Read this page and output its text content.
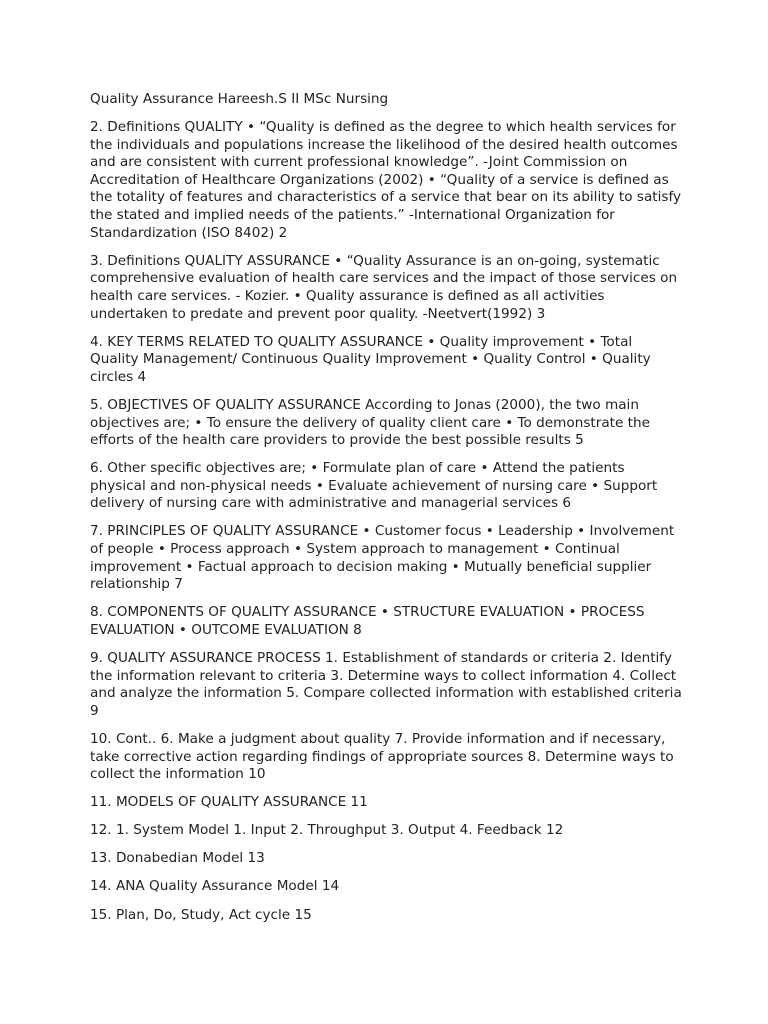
Quality Assurance Hareesh.S II MSc Nursing

2. Definitions QUALITY • “Quality is defined as the degree to which health services for the individuals and populations increase the likelihood of the desired health outcomes and are consistent with current professional knowledge”. -Joint Commission on Accreditation of Healthcare Organizations (2002) • “Quality of a service is defined as the totality of features and characteristics of a service that bear on its ability to satisfy the stated and implied needs of the patients.” -International Organization for Standardization (ISO 8402) 2

3. Definitions QUALITY ASSURANCE • “Quality Assurance is an on-going, systematic comprehensive evaluation of health care services and the impact of those services on health care services. - Kozier. • Quality assurance is defined as all activities undertaken to predate and prevent poor quality. -Neetvert(1992) 3

4. KEY TERMS RELATED TO QUALITY ASSURANCE • Quality improvement • Total Quality Management/ Continuous Quality Improvement • Quality Control • Quality circles 4

5. OBJECTIVES OF QUALITY ASSURANCE According to Jonas (2000), the two main objectives are; • To ensure the delivery of quality client care • To demonstrate the efforts of the health care providers to provide the best possible results 5

6. Other specific objectives are; • Formulate plan of care • Attend the patients physical and non-physical needs • Evaluate achievement of nursing care • Support delivery of nursing care with administrative and managerial services 6

7. PRINCIPLES OF QUALITY ASSURANCE • Customer focus • Leadership • Involvement of people • Process approach • System approach to management • Continual improvement • Factual approach to decision making • Mutually beneficial supplier relationship 7

8. COMPONENTS OF QUALITY ASSURANCE • STRUCTURE EVALUATION • PROCESS EVALUATION • OUTCOME EVALUATION 8

9. QUALITY ASSURANCE PROCESS 1. Establishment of standards or criteria 2. Identify the information relevant to criteria 3. Determine ways to collect information 4. Collect and analyze the information 5. Compare collected information with established criteria 9

10. Cont.. 6. Make a judgment about quality 7. Provide information and if necessary, take corrective action regarding findings of appropriate sources 8. Determine ways to collect the information 10

11. MODELS OF QUALITY ASSURANCE 11

12. 1. System Model 1. Input 2. Throughput 3. Output 4. Feedback 12

13. Donabedian Model 13

14. ANA Quality Assurance Model 14

15. Plan, Do, Study, Act cycle 15
